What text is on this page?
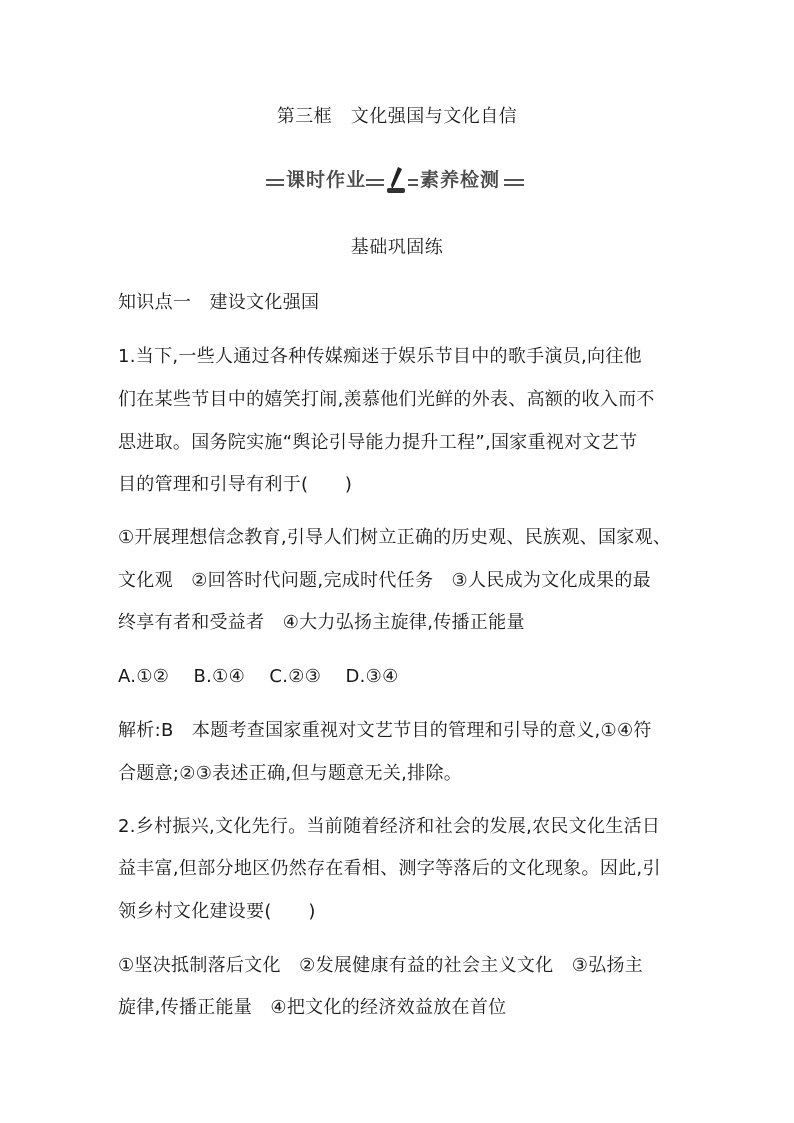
第三框　文化强国与文化自信
课时作业	素养检测
基础巩固练
知识点一　建设文化强国
1.当下,一些人通过各种传媒痴迷于娱乐节目中的歌手演员,向往他
们在某些节目中的嬉笑打闹,羡慕他们光鲜的外表、高额的收入而不
思进取。国务院实施“舆论引导能力提升工程”,国家重视对文艺节
目的管理和引导有利于(　　)
①开展理想信念教育,引导人们树立正确的历史观、民族观、国家观、
文化观　②回答时代问题,完成时代任务　③人民成为文化成果的最
终享有者和受益者　④大力弘扬主旋律,传播正能量
A.①②　 B.①④　 C.②③　 D.③④
解析:B　本题考查国家重视对文艺节目的管理和引导的意义,①④符
合题意;②③表述正确,但与题意无关,排除。
2.乡村振兴,文化先行。当前随着经济和社会的发展,农民文化生活日
益丰富,但部分地区仍然存在看相、测字等落后的文化现象。因此,引
领乡村文化建设要(　　)
①坚决抵制落后文化　②发展健康有益的社会主义文化　③弘扬主
旋律,传播正能量　④把文化的经济效益放在首位
